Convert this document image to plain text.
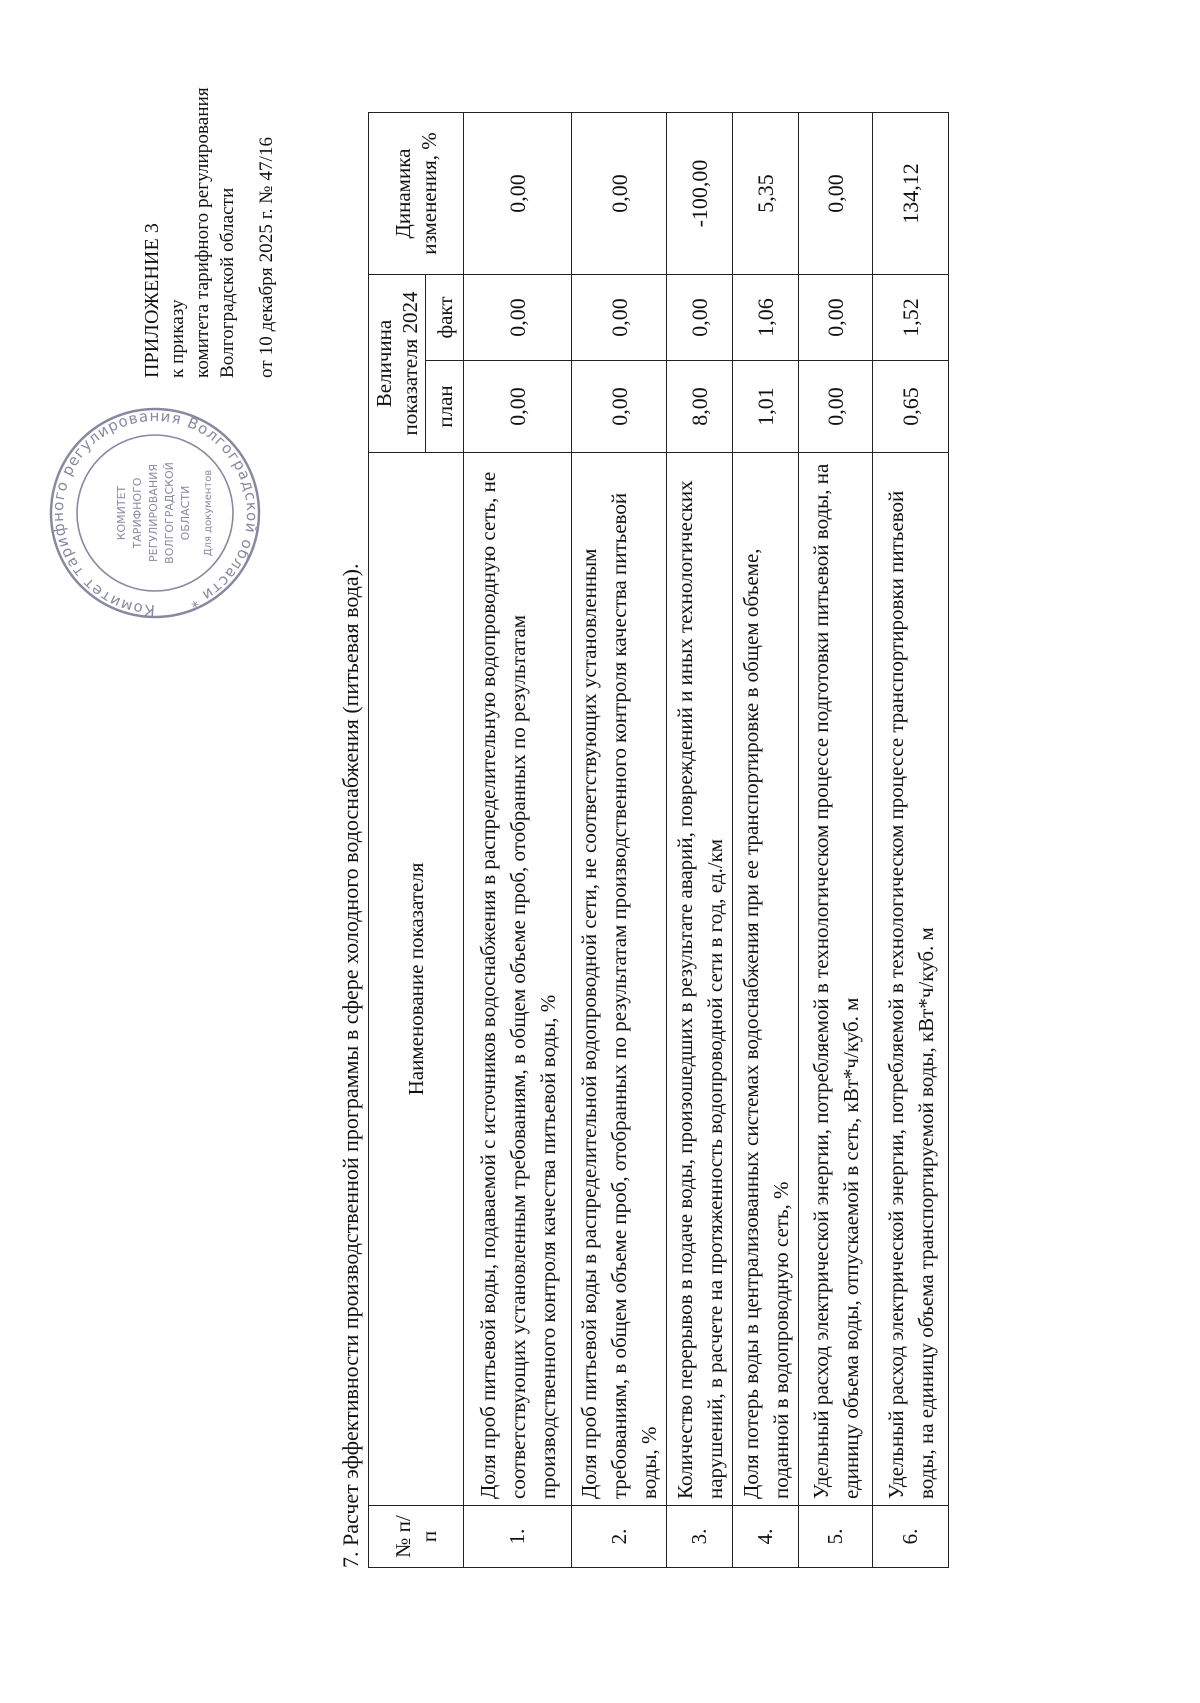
Комитет тарифного регулирования Волгоградской области *
КОМИТЕТ ТАРИФНОГО РЕГУЛИРОВАНИЯ ВОЛГОГРАДСКОЙ ОБЛАСТИ Для документов
ПРИЛОЖЕНИЕ 3 к приказу комитета тарифного регулирования Волгоградской области от 10 декабря 2025 г. № 47/16
7. Расчет эффективности производственной программы в сфере холодного водоснабжения (питьевая вода). № п/п	Наименование показателя	Величина показателя 2024		Динамика изменения, %
		план	факт	
1.	Доля проб питьевой воды, подаваемой с источников водоснабжения в распределительную водопроводную сеть, не соответствующих установленным требованиям, в общем объеме проб, отобранных по результатам производственного контроля качества питьевой воды, %	0,00	0,00	0,00
2.	Доля проб питьевой воды в распределительной водопроводной сети, не соответствующих установленным требованиям, в общем объеме проб, отобранных по результатам производственного контроля качества питьевой воды, %	0,00	0,00	0,00
3.	Количество перерывов в подаче воды, произошедших в результате аварий, повреждений и иных технологических нарушений, в расчете на протяженность водопроводной сети в год, ед./км	8,00	0,00	-100,00
4.	Доля потерь воды в централизованных системах водоснабжения при ее транспортировке в общем объеме, поданной в водопроводную сеть, %	1,01	1,06	5,35
5.	Удельный расход электрической энергии, потребляемой в технологическом процессе подготовки питьевой воды, на единицу объема воды, отпускаемой в сеть, кВт*ч/куб. м	0,00	0,00	0,00
6.	Удельный расход электрической энергии, потребляемой в технологическом процессе транспортировки питьевой воды, на единицу объема транспортируемой воды, кВт*ч/куб. м	0,65	1,52	134,12
